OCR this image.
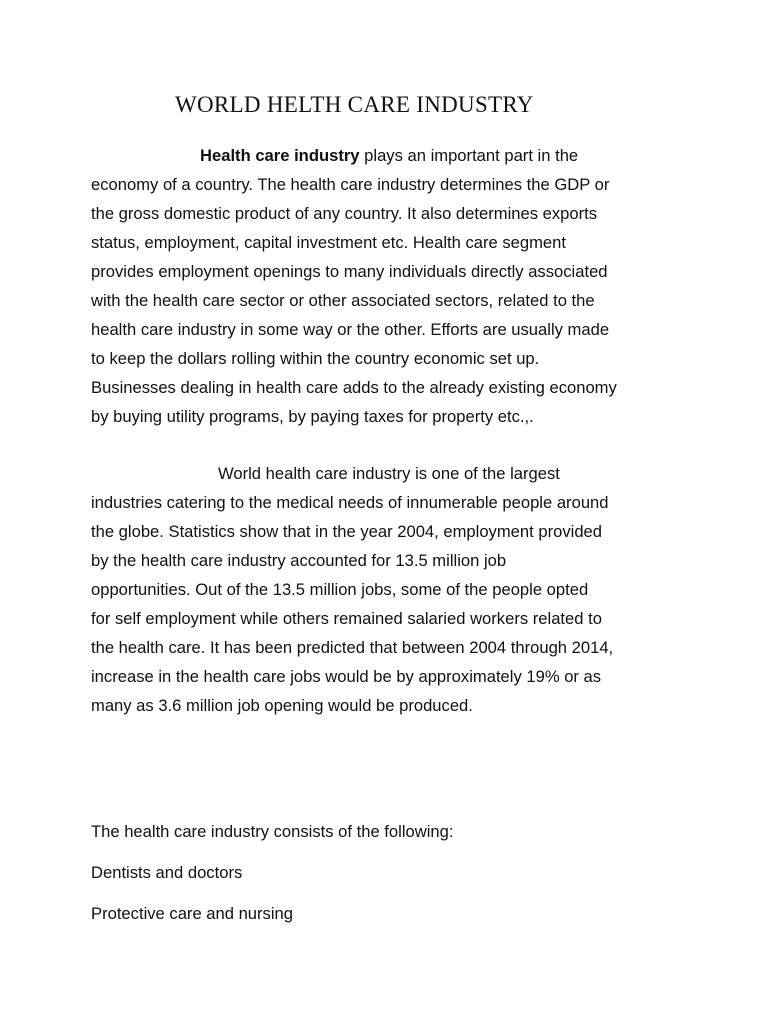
WORLD HELTH CARE INDUSTRY

Health care industry plays an important part in the
economy of a country. The health care industry determines the GDP or
the gross domestic product of any country. It also determines exports
status, employment, capital investment etc. Health care segment
provides employment openings to many individuals directly associated
with the health care sector or other associated sectors, related to the
health care industry in some way or the other. Efforts are usually made
to keep the dollars rolling within the country economic set up.
Businesses dealing in health care adds to the already existing economy
by buying utility programs, by paying taxes for property etc.,.

World health care industry is one of the largest
industries catering to the medical needs of innumerable people around
the globe. Statistics show that in the year 2004, employment provided
by the health care industry accounted for 13.5 million job
opportunities. Out of the 13.5 million jobs, some of the people opted
for self employment while others remained salaried workers related to
the health care. It has been predicted that between 2004 through 2014,
increase in the health care jobs would be by approximately 19% or as
many as 3.6 million job opening would be produced.

The health care industry consists of the following:

Dentists and doctors
Protective care and nursing
